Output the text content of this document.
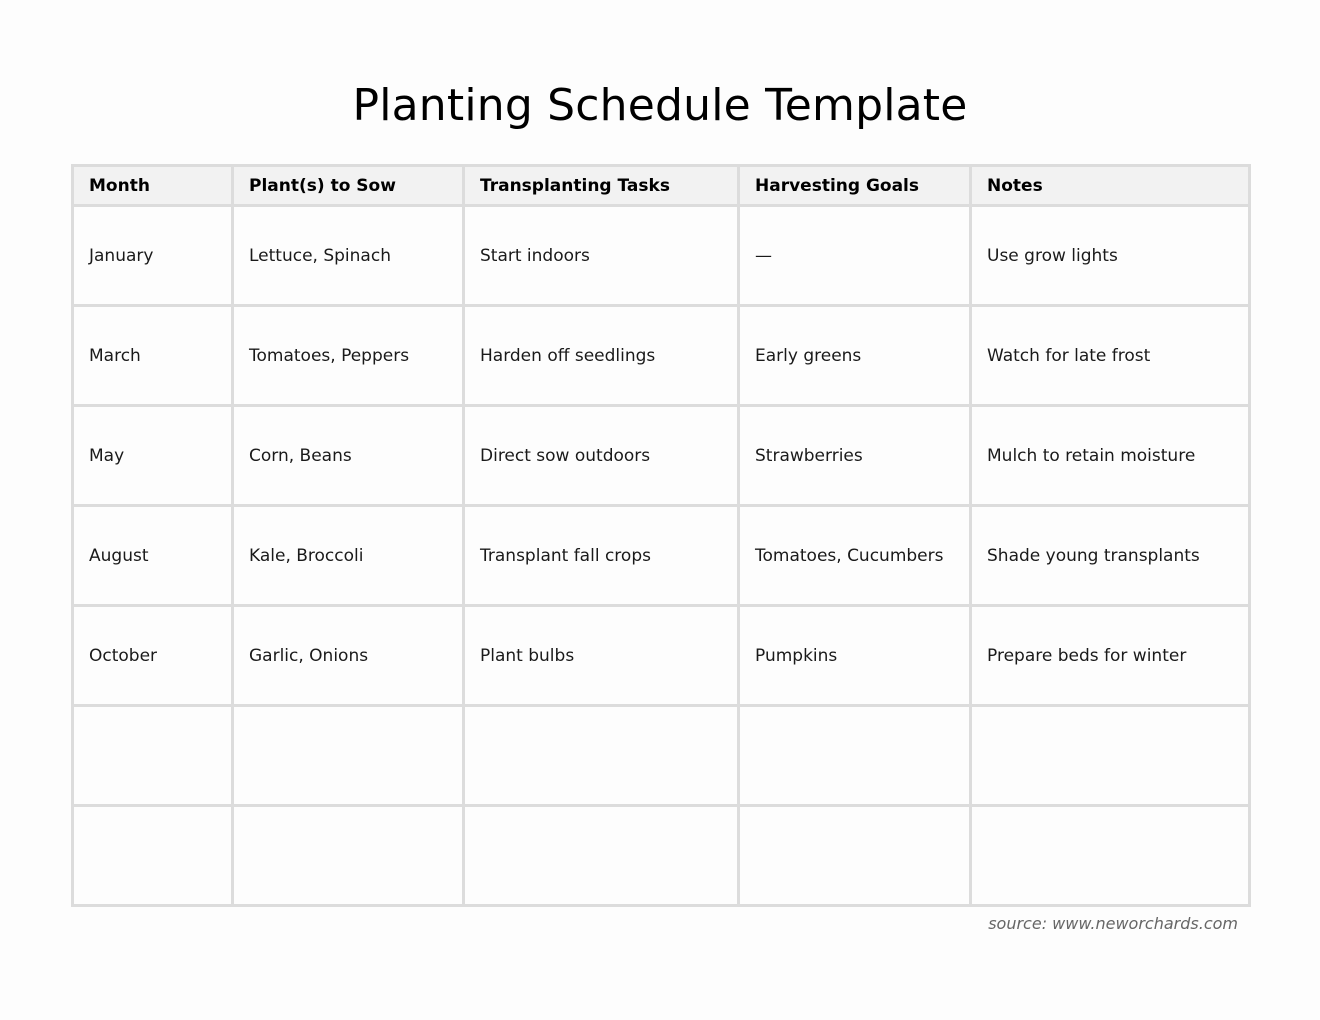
Planting Schedule Template
Month	Plant(s) to Sow	Transplanting Tasks	Harvesting Goals	Notes
January	Lettuce, Spinach	Start indoors	—	Use grow lights
March	Tomatoes, Peppers	Harden off seedlings	Early greens	Watch for late frost
May	Corn, Beans	Direct sow outdoors	Strawberries	Mulch to retain moisture
August	Kale, Broccoli	Transplant fall crops	Tomatoes, Cucumbers	Shade young transplants
October	Garlic, Onions	Plant bulbs	Pumpkins	Prepare beds for winter

source: www.neworchards.com
